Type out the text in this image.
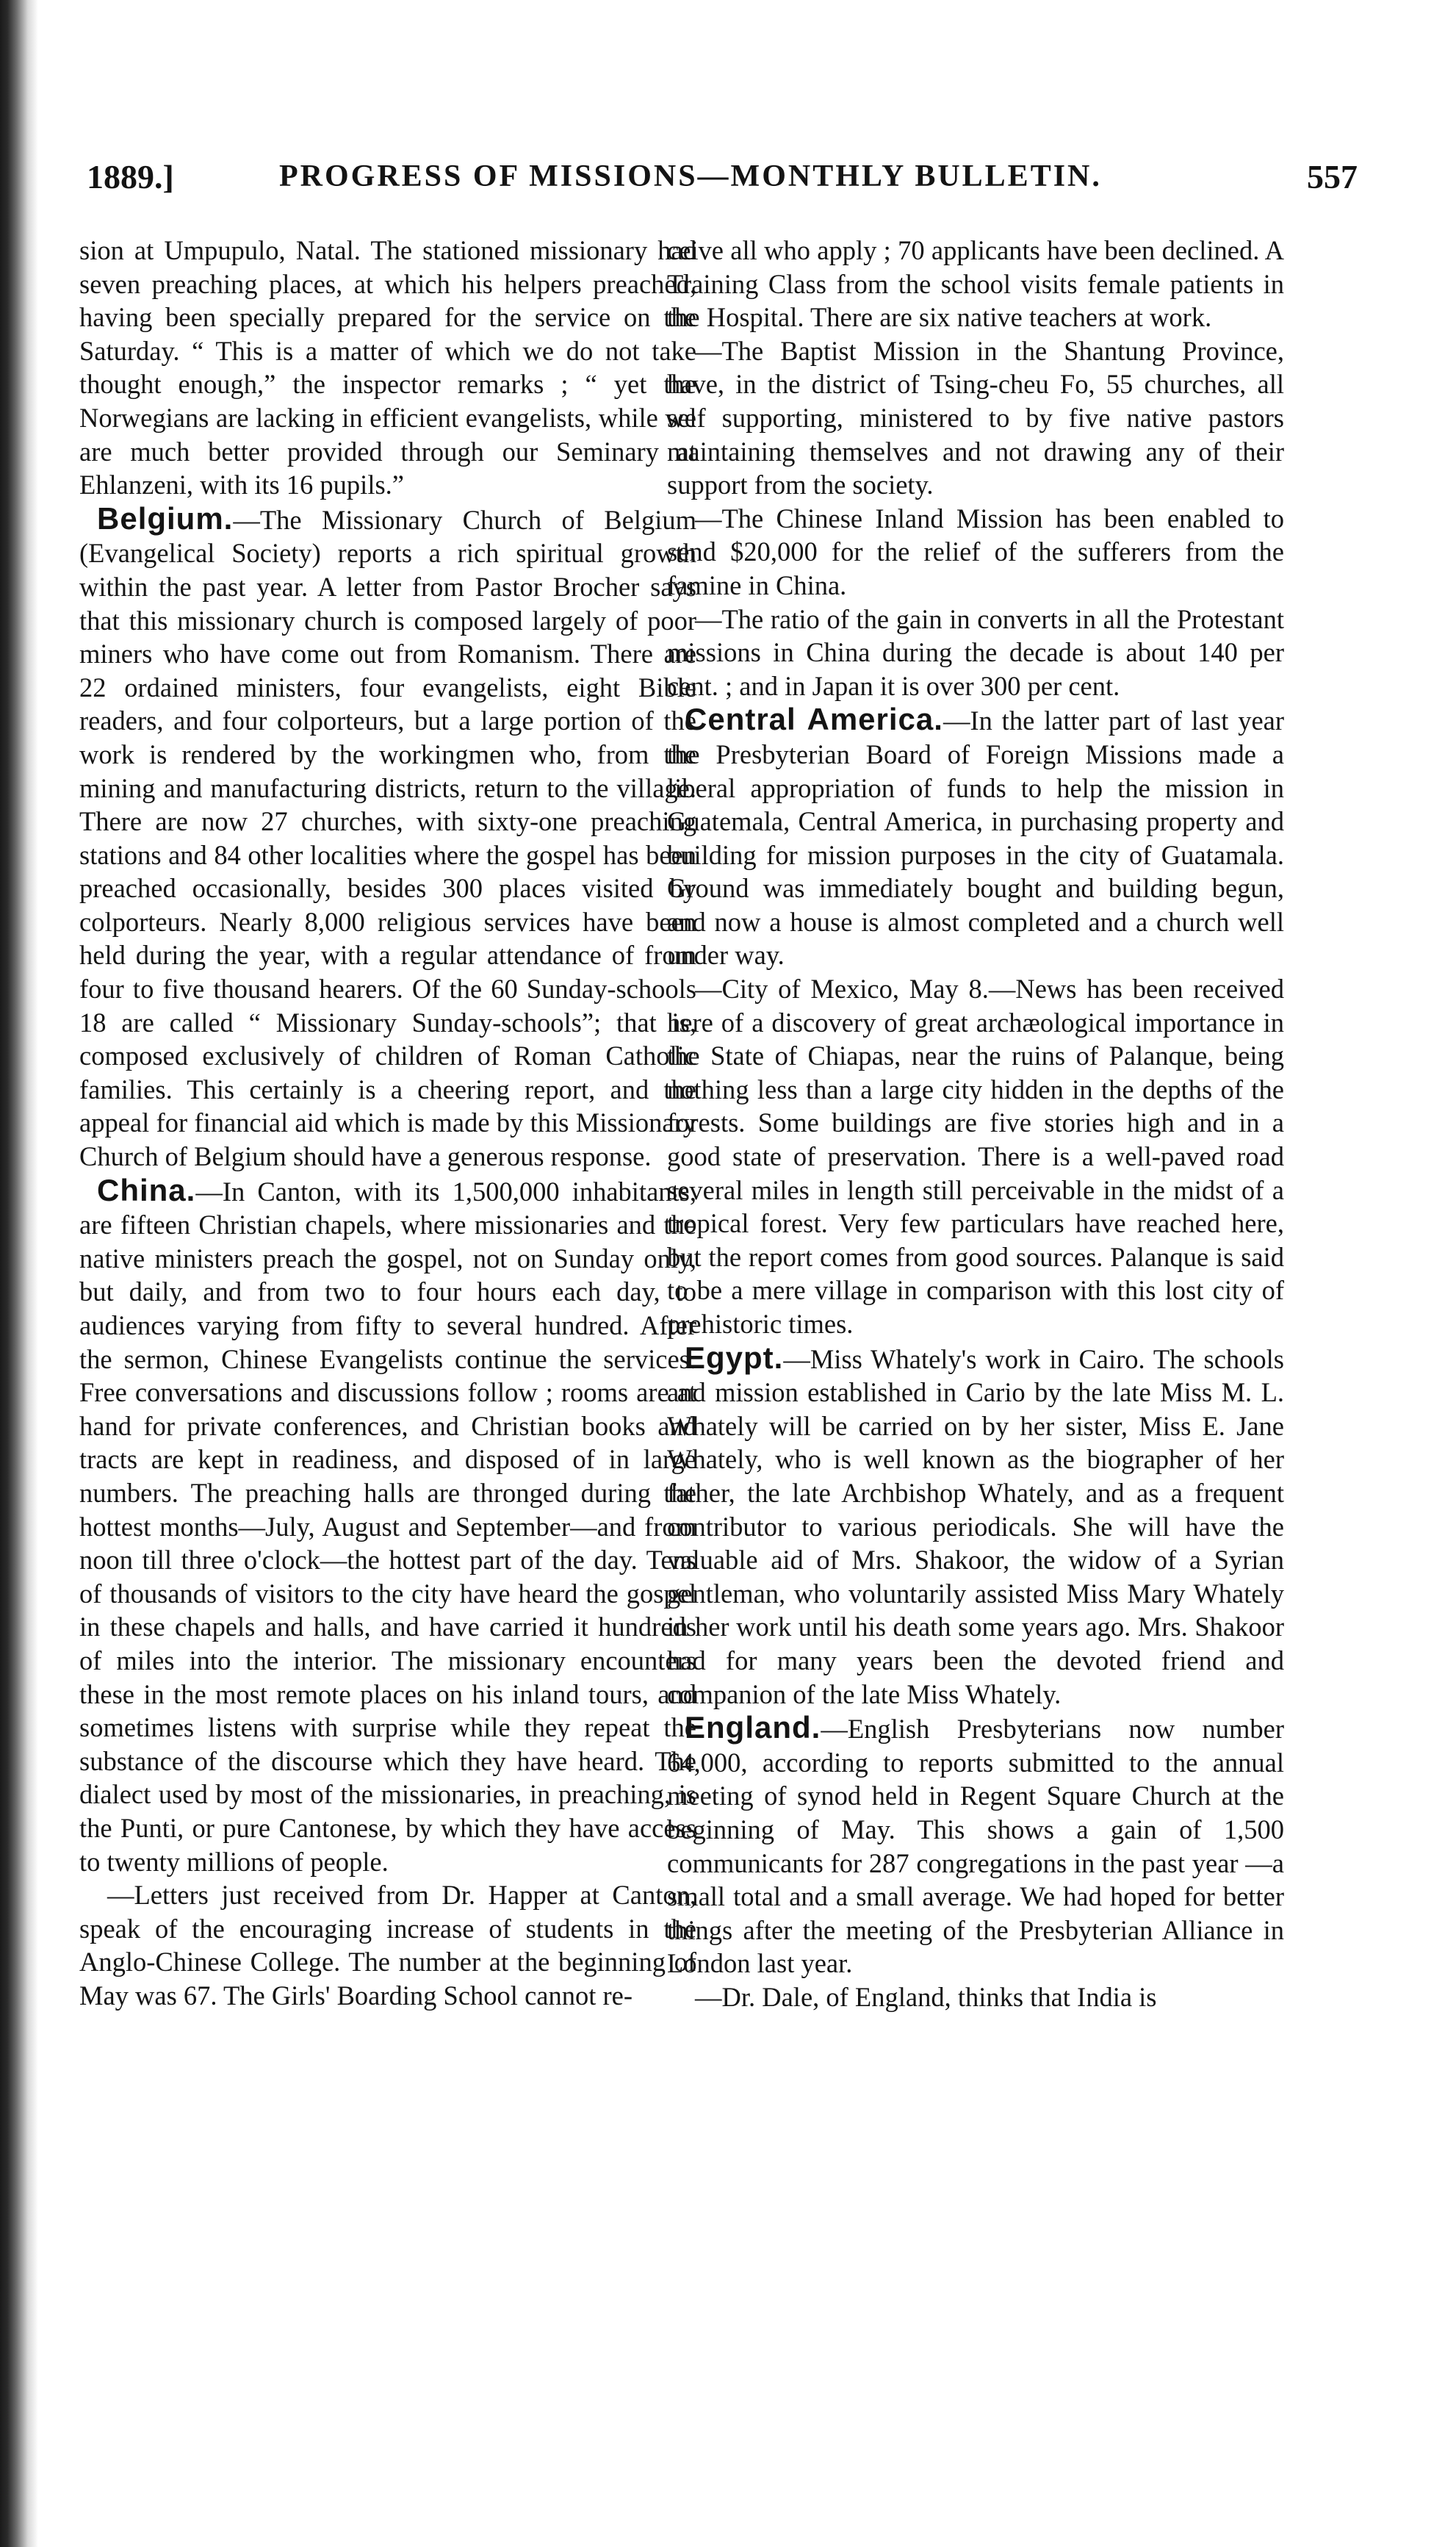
1889.]	PROGRESS OF MISSIONS—MONTHLY BULLETIN.	557

sion at Umpupulo, Natal. The stationed missionary had seven preaching places, at which his helpers preached, having been specially prepared for the service on the Saturday. “ This is a matter of which we do not take thought enough,” the inspector remarks ; “ yet the Norwegians are lacking in efficient evangelists, while we are much better provided through our Seminary at Ehlanzeni, with its 16 pupils.”

Belgium.—The Missionary Church of Belgium (Evangelical Society) reports a rich spiritual growth within the past year. A letter from Pastor Brocher says that this missionary church is composed largely of poor miners who have come out from Romanism. There are 22 ordained ministers, four evangelists, eight Bible readers, and four colporteurs, but a large portion of the work is rendered by the workingmen who, from the mining and manufacturing districts, return to the village. There are now 27 churches, with sixty-one preaching stations and 84 other localities where the gospel has been preached occasionally, besides 300 places visited by colporteurs. Nearly 8,000 religious services have been held during the year, with a regular attendance of from four to five thousand hearers. Of the 60 Sunday-schools 18 are called “ Missionary Sunday-schools”; that is, composed exclusively of children of Roman Catholic families. This certainly is a cheering report, and the appeal for financial aid which is made by this Missionary Church of Belgium should have a generous response.

China.—In Canton, with its 1,500,000 inhabitants, are fifteen Christian chapels, where missionaries and the native ministers preach the gospel, not on Sunday only, but daily, and from two to four hours each day, to audiences varying from fifty to several hundred. After the sermon, Chinese Evangelists continue the services. Free conversations and discussions follow ; rooms are at hand for private conferences, and Christian books and tracts are kept in readiness, and disposed of in large numbers. The preaching halls are thronged during the hottest months—July, August and September—and from noon till three o'clock—the hottest part of the day. Tens of thousands of visitors to the city have heard the gospel in these chapels and halls, and have carried it hundreds of miles into the interior. The missionary encounters these in the most remote places on his inland tours, and sometimes listens with surprise while they repeat the substance of the discourse which they have heard. The dialect used by most of the missionaries, in preaching, is the Punti, or pure Cantonese, by which they have access to twenty millions of people.

—Letters just received from Dr. Happer at Canton, speak of the encouraging increase of students in the Anglo-Chinese College. The number at the beginning of May was 67. The Girls' Boarding School cannot re-

ceive all who apply ; 70 applicants have been declined. A Training Class from the school visits female patients in the Hospital. There are six native teachers at work.

—The Baptist Mission in the Shantung Province, have, in the district of Tsing-cheu Fo, 55 churches, all self supporting, ministered to by five native pastors maintaining themselves and not drawing any of their support from the society.

—The Chinese Inland Mission has been enabled to send $20,000 for the relief of the sufferers from the famine in China.

—The ratio of the gain in converts in all the Protestant missions in China during the decade is about 140 per cent. ; and in Japan it is over 300 per cent.

Central America.—In the latter part of last year the Presbyterian Board of Foreign Missions made a liberal appropriation of funds to help the mission in Guatemala, Central America, in purchasing property and building for mission purposes in the city of Guatamala. Ground was immediately bought and building begun, and now a house is almost completed and a church well under way.

—City of Mexico, May 8.—News has been received here of a discovery of great archæological importance in the State of Chiapas, near the ruins of Palanque, being nothing less than a large city hidden in the depths of the forests. Some buildings are five stories high and in a good state of preservation. There is a well-paved road several miles in length still perceivable in the midst of a tropical forest. Very few particulars have reached here, but the report comes from good sources. Palanque is said to be a mere village in comparison with this lost city of prehistoric times.

Egypt.—Miss Whately's work in Cairo. The schools and mission established in Cario by the late Miss M. L. Whately will be carried on by her sister, Miss E. Jane Whately, who is well known as the biographer of her father, the late Archbishop Whately, and as a frequent contributor to various periodicals. She will have the valuable aid of Mrs. Shakoor, the widow of a Syrian gentleman, who voluntarily assisted Miss Mary Whately in her work until his death some years ago. Mrs. Shakoor had for many years been the devoted friend and companion of the late Miss Whately.

England.—English Presbyterians now number 64,000, according to reports submitted to the annual meeting of synod held in Regent Square Church at the beginning of May. This shows a gain of 1,500 communicants for 287 congregations in the past year —a small total and a small average. We had hoped for better things after the meeting of the Presbyterian Alliance in London last year.

—Dr. Dale, of England, thinks that India is
